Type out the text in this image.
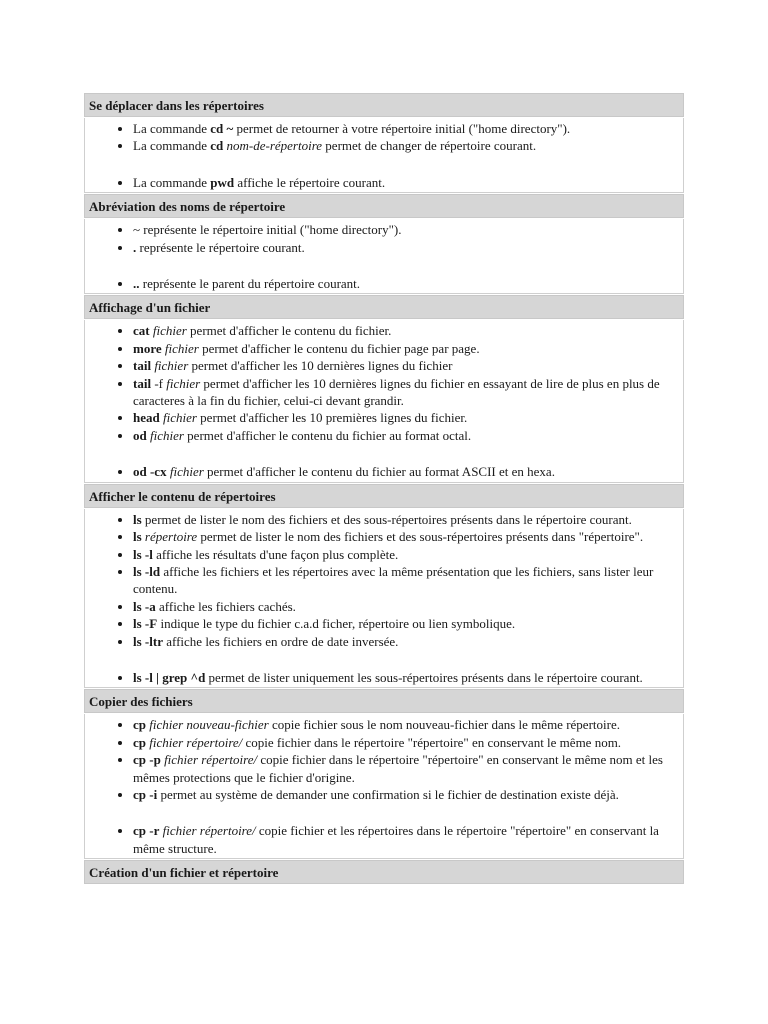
Se déplacer dans les répertoires
• La commande cd ~ permet de retourner à votre répertoire initial ("home directory").
• La commande cd nom-de-répertoire permet de changer de répertoire courant.
• La commande pwd affiche le répertoire courant.
Abréviation des noms de répertoire
• ~ représente le répertoire initial ("home directory").
• . représente le répertoire courant.
• .. représente le parent du répertoire courant.
Affichage d'un fichier
• cat fichier permet d'afficher le contenu du fichier.
• more fichier permet d'afficher le contenu du fichier page par page.
• tail fichier permet d'afficher les 10 dernières lignes du fichier
• tail -f fichier permet d'afficher les 10 dernières lignes du fichier en essayant de lire de plus en plus de caracteres à la fin du fichier, celui-ci devant grandir.
• head fichier permet d'afficher les 10 premières lignes du fichier.
• od fichier permet d'afficher le contenu du fichier au format octal.
• od -cx fichier permet d'afficher le contenu du fichier au format ASCII et en hexa.
Afficher le contenu de répertoires
• ls permet de lister le nom des fichiers et des sous-répertoires présents dans le répertoire courant.
• ls répertoire permet de lister le nom des fichiers et des sous-répertoires présents dans "répertoire".
• ls -l affiche les résultats d'une façon plus complète.
• ls -ld affiche les fichiers et les répertoires avec la même présentation que les fichiers, sans lister leur contenu.
• ls -a affiche les fichiers cachés.
• ls -F indique le type du fichier c.a.d ficher, répertoire ou lien symbolique.
• ls -ltr affiche les fichiers en ordre de date inversée.
• ls -l | grep ^d permet de lister uniquement les sous-répertoires présents dans le répertoire courant.
Copier des fichiers
• cp fichier nouveau-fichier copie fichier sous le nom nouveau-fichier dans le même répertoire.
• cp fichier répertoire/ copie fichier dans le répertoire "répertoire" en conservant le même nom.
• cp -p fichier répertoire/ copie fichier dans le répertoire "répertoire" en conservant le même nom et les mêmes protections que le fichier d'origine.
• cp -i permet au système de demander une confirmation si le fichier de destination existe déjà.
• cp -r fichier répertoire/ copie fichier et les répertoires dans le répertoire "répertoire" en conservant la même structure.
Création d'un fichier et répertoire
